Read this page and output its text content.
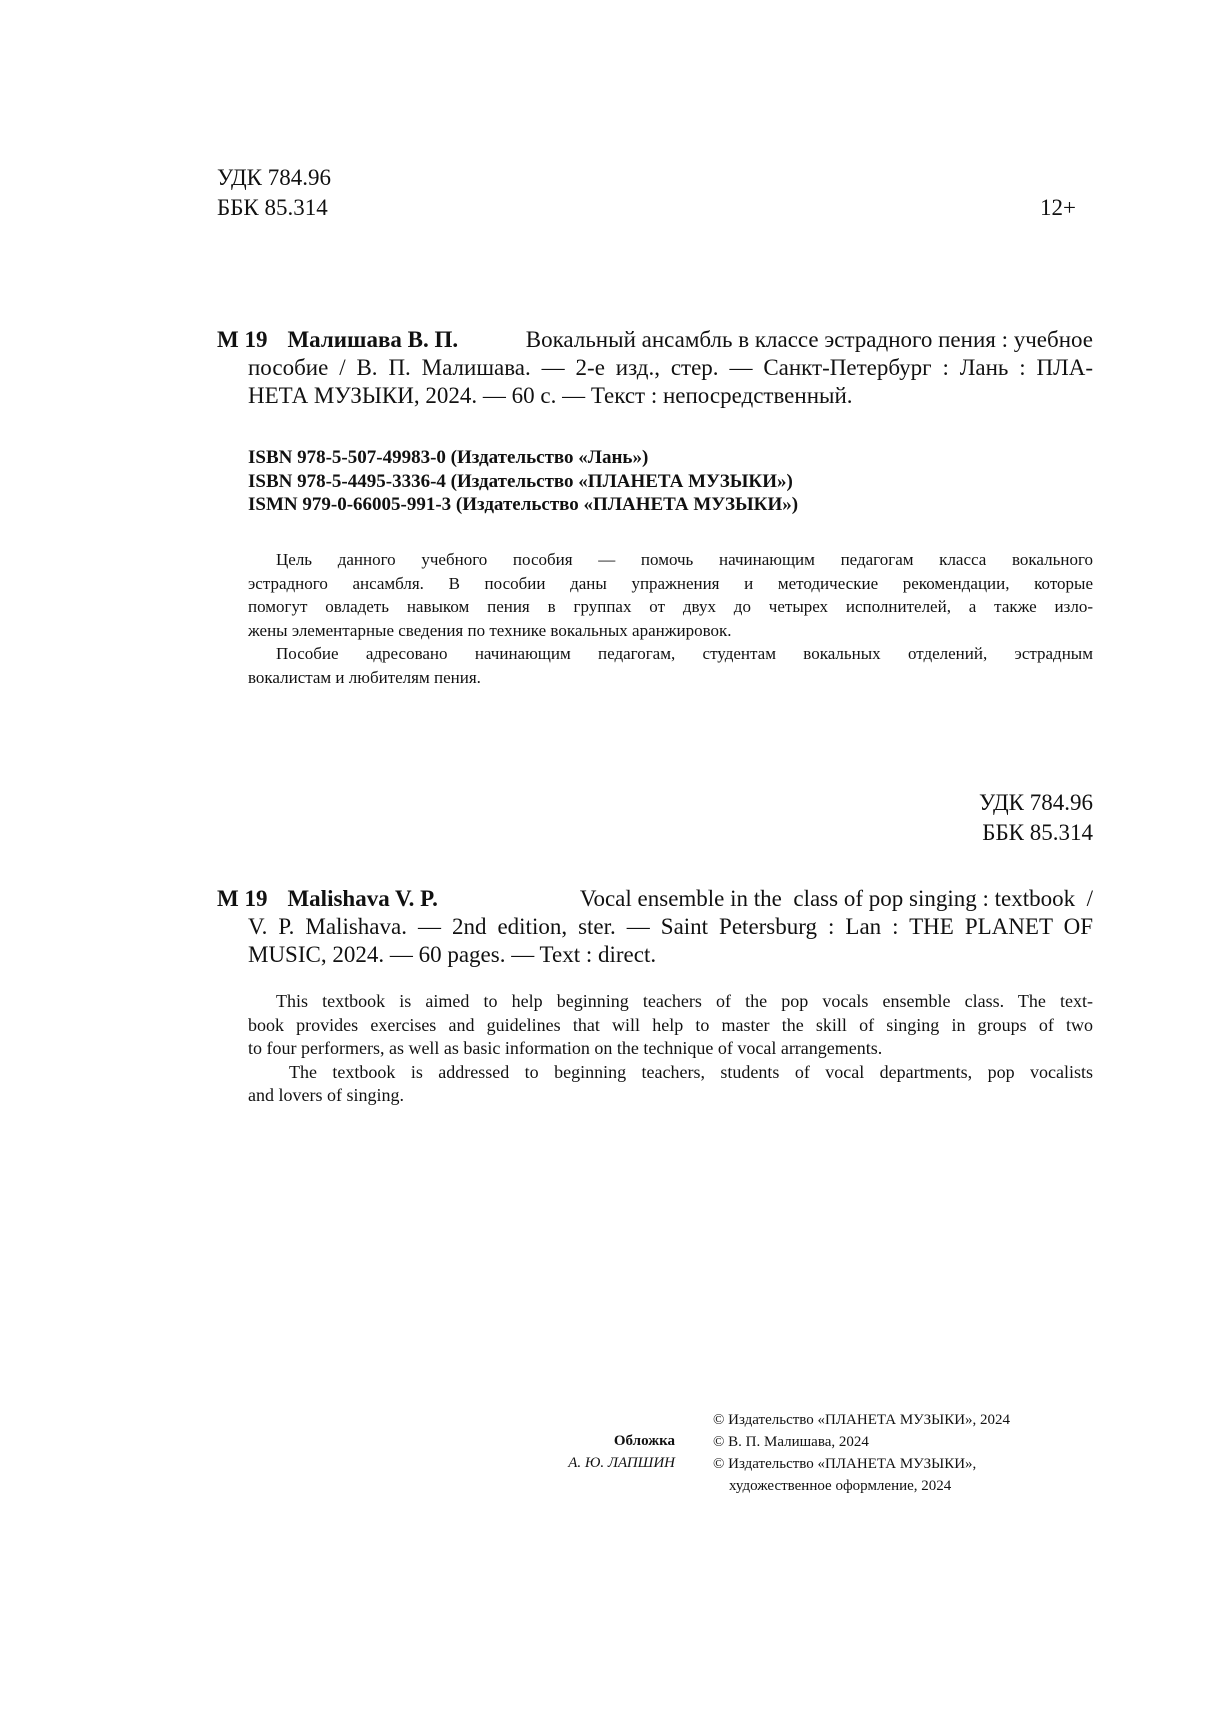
УДК 784.96
ББК 85.314	12+
М 19 Малишава В. П.	Вокальный ансамбль в классе эстрадного пения : учебное
пособие / В. П. Малишава. — 2-е изд., стер. — Санкт-Петербург : Лань : ПЛА-
НЕТА МУЗЫКИ, 2024. — 60 с. — Текст : непосредственный.
ISBN 978-5-507-49983-0 (Издательство «Лань»)
ISBN 978-5-4495-3336-4 (Издательство «ПЛАНЕТА МУЗЫКИ»)
ISMN 979-0-66005-991-3 (Издательство «ПЛАНЕТА МУЗЫКИ»)
Цель данного учебного пособия — помочь начинающим педагогам класса вокального
эстрадного ансамбля. В пособии даны упражнения и методические рекомендации, которые
помогут овладеть навыком пения в группах от двух до четырех исполнителей, а также изло-
жены элементарные сведения по технике вокальных аранжировок.
Пособие адресовано начинающим педагогам, студентам вокальных отделений, эстрадным
вокалистам и любителям пения.
УДК 784.96
ББК 85.314
М 19 Malishava V. P.	Vocal ensemble in the  class of pop singing : textbook  /
V. P. Malishava. — 2nd edition, ster. — Saint Petersburg : Lan : THE PLANET OF
MUSIC, 2024. — 60 pages. — Text : direct.
This textbook is aimed to help beginning teachers of the pop vocals ensemble class. The text-
book provides exercises and guidelines that will help to master the skill of singing in groups of two
to four performers, as well as basic information on the technique of vocal arrangements.
The textbook is addressed to beginning teachers, students of vocal departments, pop vocalists
and lovers of singing.
Обложка
А. Ю. ЛАПШИН
© Издательство «ПЛАНЕТА МУЗЫКИ», 2024
© В. П. Малишава, 2024
© Издательство «ПЛАНЕТА МУЗЫКИ»,
художественное оформление, 2024
